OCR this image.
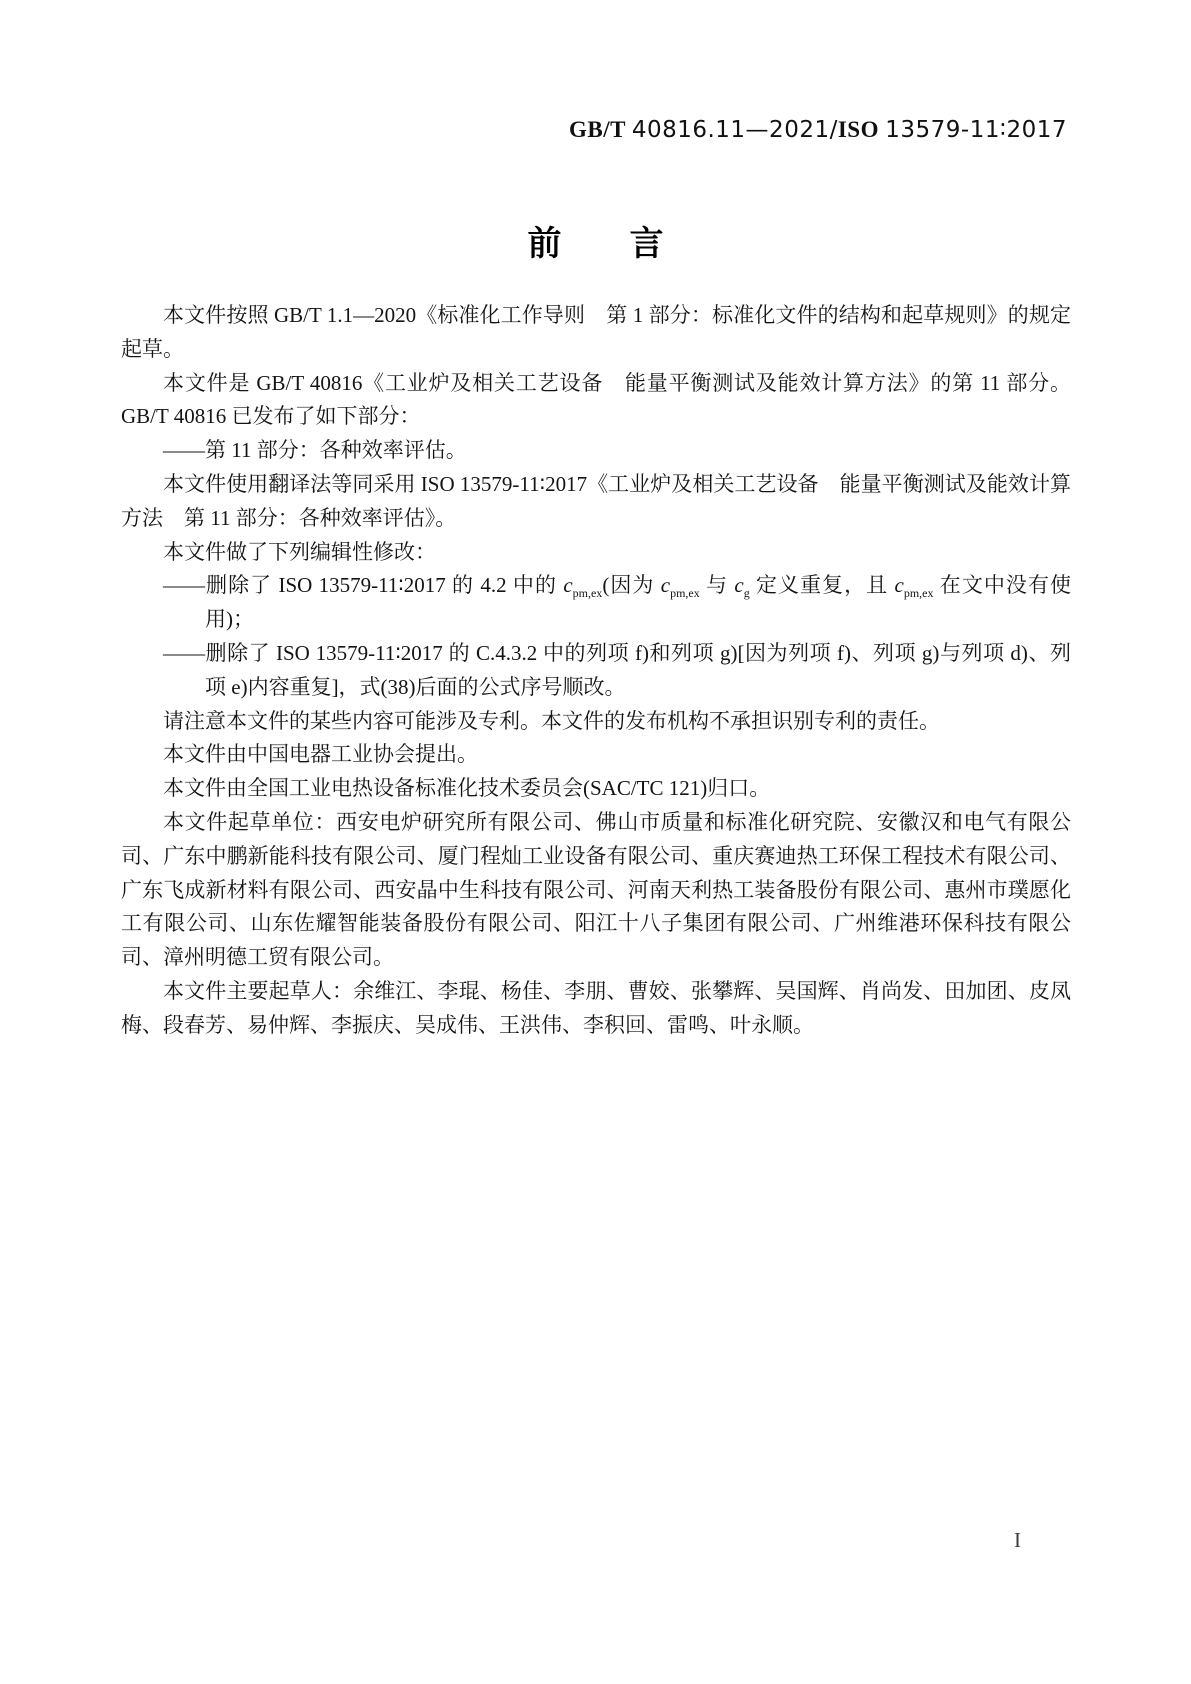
GB/T 40816.11—2021/ISO 13579-11∶2017
前　　言

本文件按照 GB/T 1.1—2020《标准化工作导则　第 1 部分：标准化文件的结构和起草规则》的规定起草。

本文件是 GB/T 40816《工业炉及相关工艺设备　能量平衡测试及能效计算方法》的第 11 部分。GB/T 40816 已发布了如下部分：

——第 11 部分：各种效率评估。

本文件使用翻译法等同采用 ISO 13579-11∶2017《工业炉及相关工艺设备　能量平衡测试及能效计算方法　第 11 部分：各种效率评估》。

本文件做了下列编辑性修改：

——删除了 ISO 13579-11∶2017 的 4.2 中的 $c_{pm,ex}$(因为 $c_{pm,ex}$ 与 $c_g$ 定义重复，且 $c_{pm,ex}$ 在文中没有使用)；

——删除了 ISO 13579-11∶2017 的 C.4.3.2 中的列项 f)和列项 g)[因为列项 f)、列项 g)与列项 d)、列项 e)内容重复]，式(38)后面的公式序号顺改。

请注意本文件的某些内容可能涉及专利。本文件的发布机构不承担识别专利的责任。

本文件由中国电器工业协会提出。

本文件由全国工业电热设备标准化技术委员会(SAC/TC 121)归口。

本文件起草单位：西安电炉研究所有限公司、佛山市质量和标准化研究院、安徽汉和电气有限公司、广东中鹏新能科技有限公司、厦门程灿工业设备有限公司、重庆赛迪热工环保工程技术有限公司、广东飞成新材料有限公司、西安晶中生科技有限公司、河南天利热工装备股份有限公司、惠州市璞愿化工有限公司、山东佐耀智能装备股份有限公司、阳江十八子集团有限公司、广州维港环保科技有限公司、漳州明德工贸有限公司。

本文件主要起草人：余维江、李琨、杨佳、李朋、曹姣、张攀辉、吴国辉、肖尚发、田加团、皮凤梅、段春芳、易仲辉、李振庆、吴成伟、王洪伟、李积回、雷鸣、叶永顺。

I
